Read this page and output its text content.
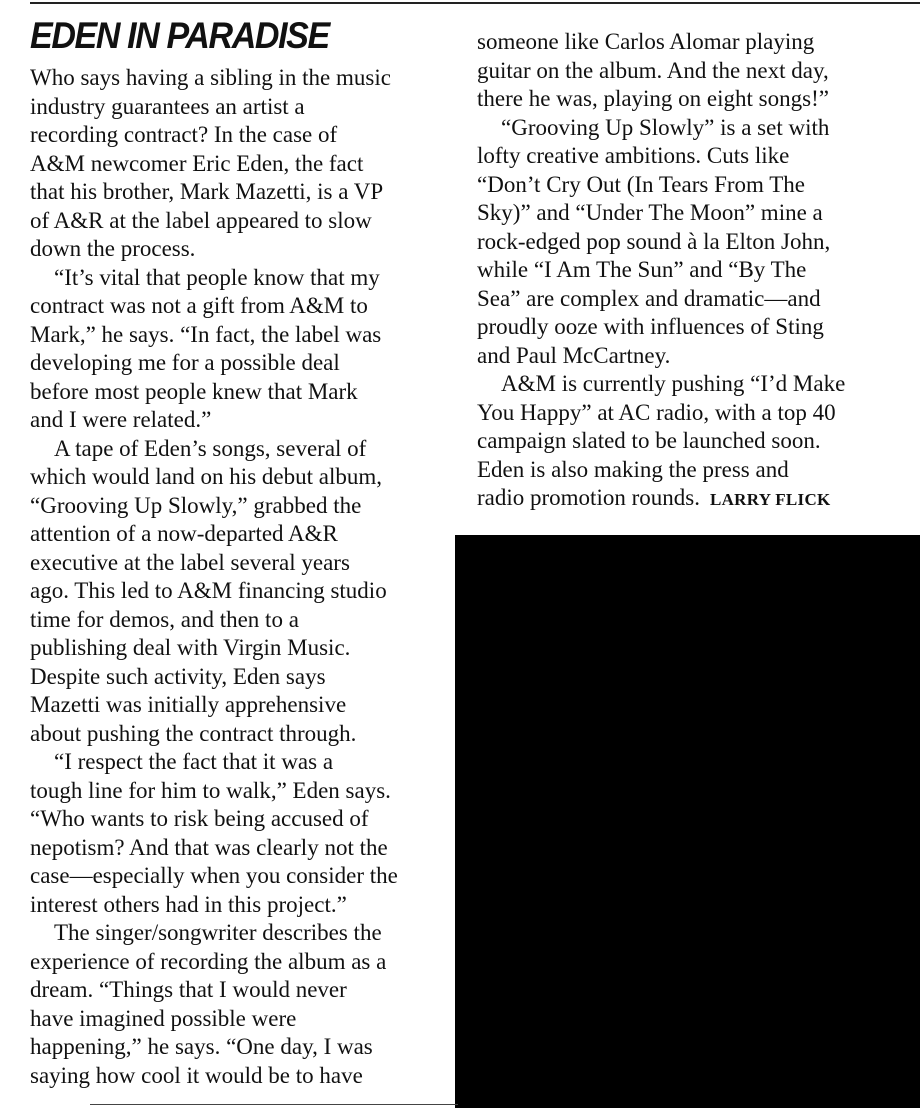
EDEN IN PARADISE
Who says having a sibling in the music
industry guarantees an artist a
recording contract? In the case of
A&M newcomer Eric Eden, the fact
that his brother, Mark Mazetti, is a VP
of A&R at the label appeared to slow
down the process.
“It’s vital that people know that my
contract was not a gift from A&M to
Mark,” he says. “In fact, the label was
developing me for a possible deal
before most people knew that Mark
and I were related.”
A tape of Eden’s songs, several of
which would land on his debut album,
“Grooving Up Slowly,” grabbed the
attention of a now-departed A&R
executive at the label several years
ago. This led to A&M financing studio
time for demos, and then to a
publishing deal with Virgin Music.
Despite such activity, Eden says
Mazetti was initially apprehensive
about pushing the contract through.
“I respect the fact that it was a
tough line for him to walk,” Eden says.
“Who wants to risk being accused of
nepotism? And that was clearly not the
case—especially when you consider the
interest others had in this project.”
The singer/songwriter describes the
experience of recording the album as a
dream. “Things that I would never
have imagined possible were
happening,” he says. “One day, I was
saying how cool it would be to have
someone like Carlos Alomar playing
guitar on the album. And the next day,
there he was, playing on eight songs!”
“Grooving Up Slowly” is a set with
lofty creative ambitions. Cuts like
“Don’t Cry Out (In Tears From The
Sky)” and “Under The Moon” mine a
rock-edged pop sound à la Elton John,
while “I Am The Sun” and “By The
Sea” are complex and dramatic—and
proudly ooze with influences of Sting
and Paul McCartney.
A&M is currently pushing “I’d Make
You Happy” at AC radio, with a top 40
campaign slated to be launched soon.
Eden is also making the press and
radio promotion rounds. LARRY FLICK
